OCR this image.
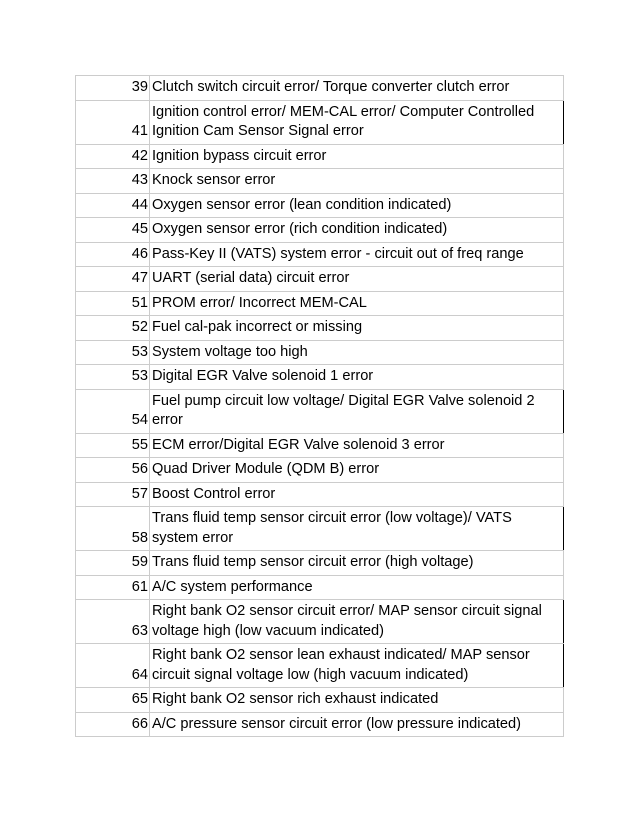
39	Clutch switch circuit error/ Torque converter clutch error
41	Ignition control error/ MEM-CAL error/ Computer Controlled Ignition Cam Sensor Signal error
42	Ignition bypass circuit error
43	Knock sensor error
44	Oxygen sensor error (lean condition indicated)
45	Oxygen sensor error (rich condition indicated)
46	Pass-Key II (VATS) system error - circuit out of freq range
47	UART (serial data) circuit error
51	PROM error/ Incorrect MEM-CAL
52	Fuel cal-pak incorrect or missing
53	System voltage too high
53	Digital EGR Valve solenoid 1 error
54	Fuel pump circuit low voltage/ Digital EGR Valve solenoid 2 error
55	ECM error/Digital EGR Valve solenoid 3 error
56	Quad Driver Module (QDM B) error
57	Boost Control error
58	Trans fluid temp sensor circuit error (low voltage)/ VATS system error
59	Trans fluid temp sensor circuit error (high voltage)
61	A/C system performance
63	Right bank O2 sensor circuit error/ MAP sensor circuit signal voltage high (low vacuum indicated)
64	Right bank O2 sensor lean exhaust indicated/ MAP sensor circuit signal voltage low (high vacuum indicated)
65	Right bank O2 sensor rich exhaust indicated
66	A/C pressure sensor circuit error (low pressure indicated)
